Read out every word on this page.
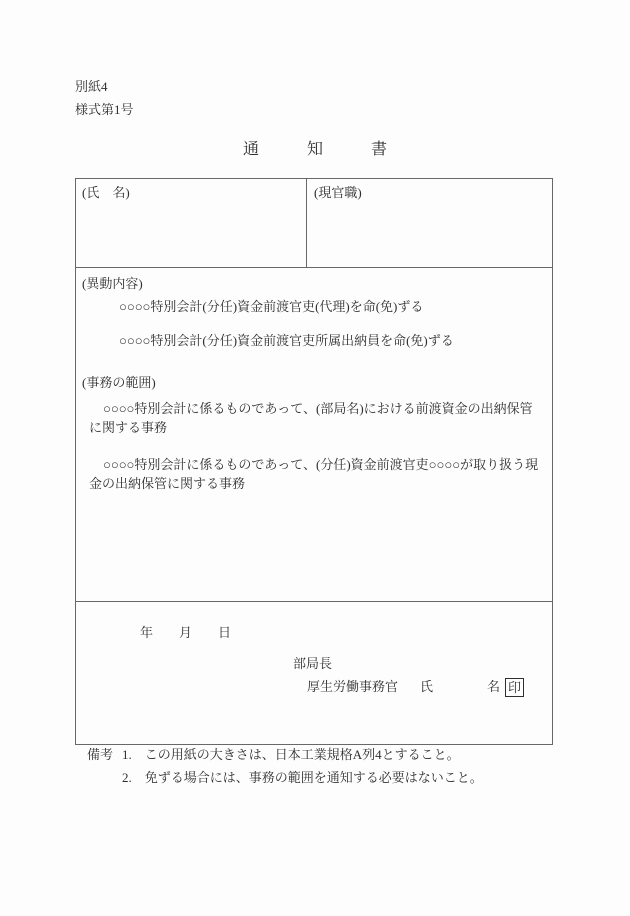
別紙4
様式第1号
通　　　知　　　書
(氏　名)	(現官職)
(異動内容)
○○○○特別会計(分任)資金前渡官吏(代理)を命(免)ずる
○○○○特別会計(分任)資金前渡官吏所属出納員を命(免)ずる
(事務の範囲)
○○○○特別会計に係るものであって、(部局名)における前渡資金の出納保管に関する事務
○○○○特別会計に係るものであって、(分任)資金前渡官吏○○○○が取り扱う現金の出納保管に関する事務
年　　月　　日
部局長
厚生労働事務官 氏	名 印
備考 1. この用紙の大きさは、日本工業規格A列4とすること。
2. 免ずる場合には、事務の範囲を通知する必要はないこと。
